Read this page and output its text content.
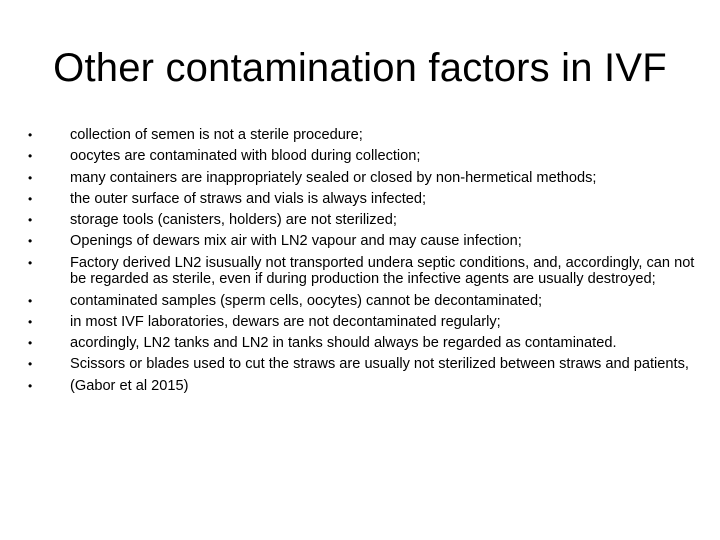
Other contamination factors in IVF
•	collection of semen is not a sterile procedure;
•	oocytes are contaminated with blood during collection;
•	many containers are inappropriately sealed or closed by non-hermetical methods;
•	the outer surface of straws and vials is always infected;
•	storage tools (canisters, holders) are not sterilized;
•	Openings of dewars mix air with LN2 vapour and may cause infection;
•	Factory derived LN2 isusually not transported undera septic conditions, and, accordingly, can not be regarded as sterile, even if during production the infective agents are usually destroyed;
•	contaminated samples (sperm cells, oocytes) cannot be decontaminated;
•	in most IVF laboratories, dewars are not decontaminated regularly;
•	acordingly, LN2 tanks and LN2 in tanks should always be regarded as contaminated.
•	Scissors or blades used to cut the straws are usually not sterilized between straws and patients,
•	(Gabor et al 2015)
